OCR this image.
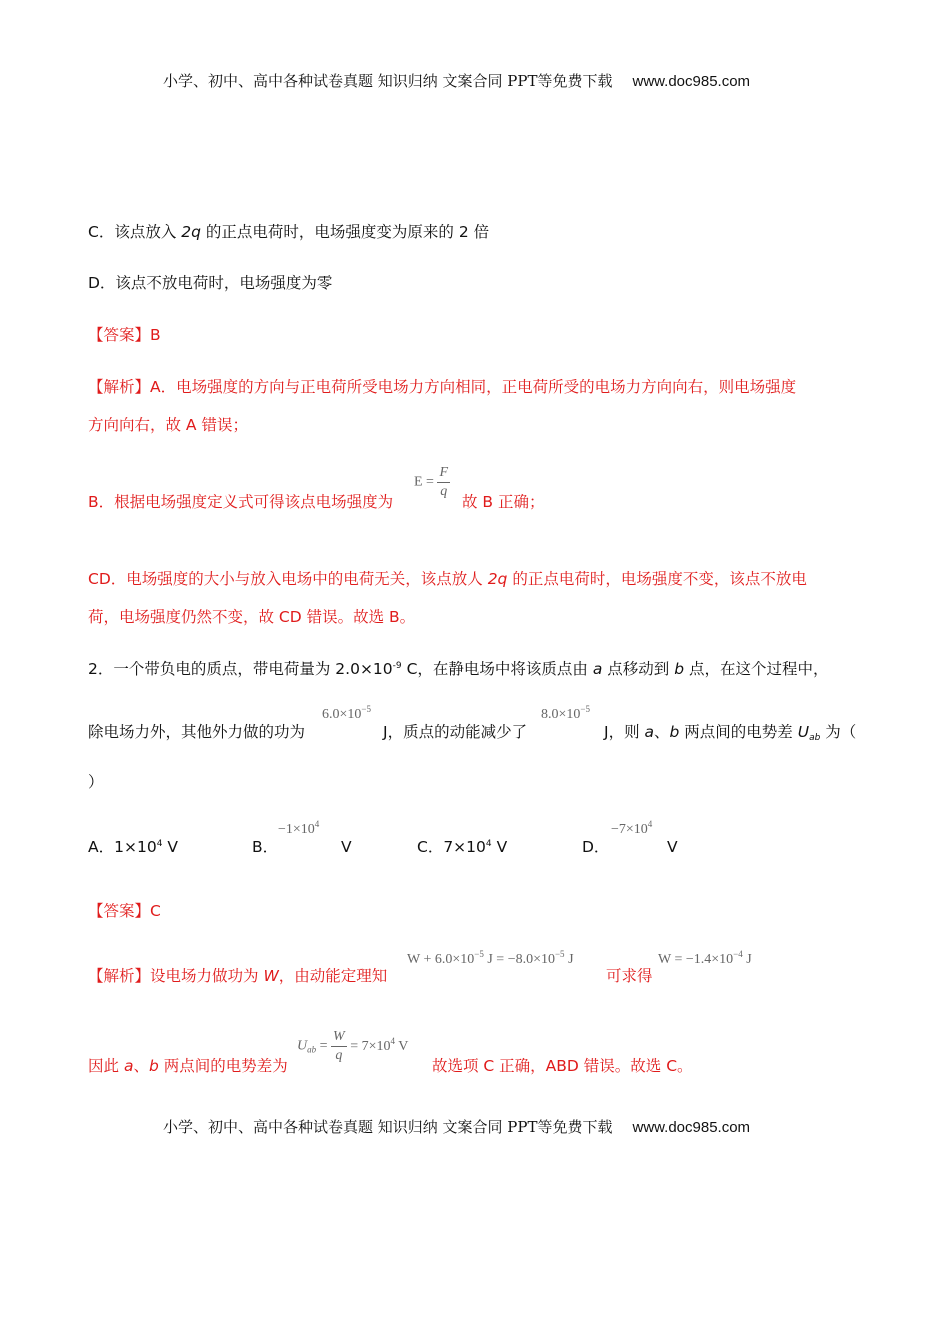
小学、初中、高中各种试卷真题 知识归纳 文案合同 PPT等免费下载 www.doc985.com
C．该点放入 2q 的正点电荷时，电场强度变为原来的 2 倍
D．该点不放电荷时，电场强度为零
【答案】B
【解析】A．电场强度的方向与正电荷所受电场力方向相同，正电荷所受的电场力方向向右，则电场强度
方向向右，故 A 错误；
B．根据电场强度定义式可得该点电场强度为
$E = \frac{F}{q}$
故 B 正确；
CD．电场强度的大小与放入电场中的电荷无关，该点放人 2q 的正点电荷时，电场强度不变，该点不放电
荷，电场强度仍然不变，故 CD 错误。故选 B。
2．一个带负电的质点，带电荷量为 $2.0\times 10^{-9}$ C，在静电场中将该质点由 a 点移动到 b 点，在这个过程中，
除电场力外，其他外力做的功为
$6.0\times 10^{-5}$
J，质点的动能减少了
$8.0\times 10^{-5}$
J，则 a、b 两点间的电势差 $U_{ab}$ 为（
）
A．$1\times 10^4$ V	B．
$-1\times 10^4$
V	C．$7\times 10^4$ V	D．
$-7\times 10^4$
V
【答案】C
【解析】设电场力做功为 W，由动能定理知
$W + 6.0\times 10^{-5}$ $J = -8.0\times 10^{-5}$ J
可求得
$W = -1.4\times 10^{-4}$ J
因此 a、b 两点间的电势差为
$U_{ab} = \frac{W}{q} = 7\times 10^4$ V
故选项 C 正确，ABD 错误。故选 C。
小学、初中、高中各种试卷真题 知识归纳 文案合同 PPT等免费下载 www.doc985.com
